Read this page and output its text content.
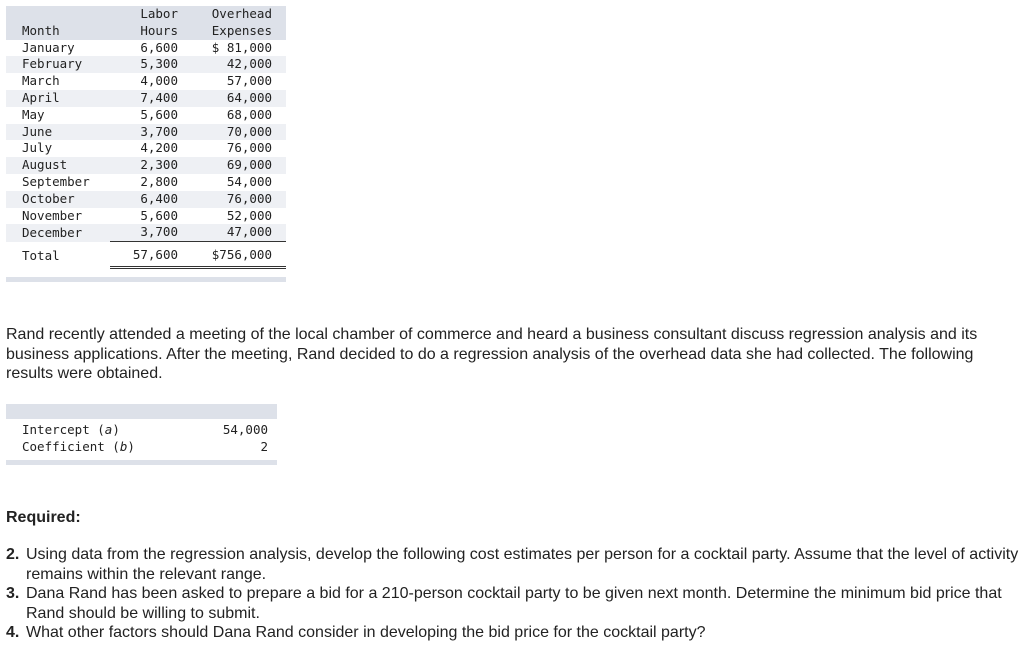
	Labor	Overhead
Month	Hours	Expenses
January	6,600	$ 81,000
February	5,300	42,000
March	4,000	57,000
April	7,400	64,000
May	5,600	68,000
June	3,700	70,000
July	4,200	76,000
August	2,300	69,000
September	2,800	54,000
October	6,400	76,000
November	5,600	52,000
December	3,700	47,000
Total	57,600	$756,000

Rand recently attended a meeting of the local chamber of commerce and heard a business consultant discuss regression analysis and its business applications. After the meeting, Rand decided to do a regression analysis of the overhead data she had collected. The following results were obtained.

Intercept (a)	54,000
Coefficient (b)	2
Required:
2. Using data from the regression analysis, develop the following cost estimates per person for a cocktail party. Assume that the level of activity remains within the relevant range.
3. Dana Rand has been asked to prepare a bid for a 210-person cocktail party to be given next month. Determine the minimum bid price that Rand should be willing to submit.
4. What other factors should Dana Rand consider in developing the bid price for the cocktail party?
